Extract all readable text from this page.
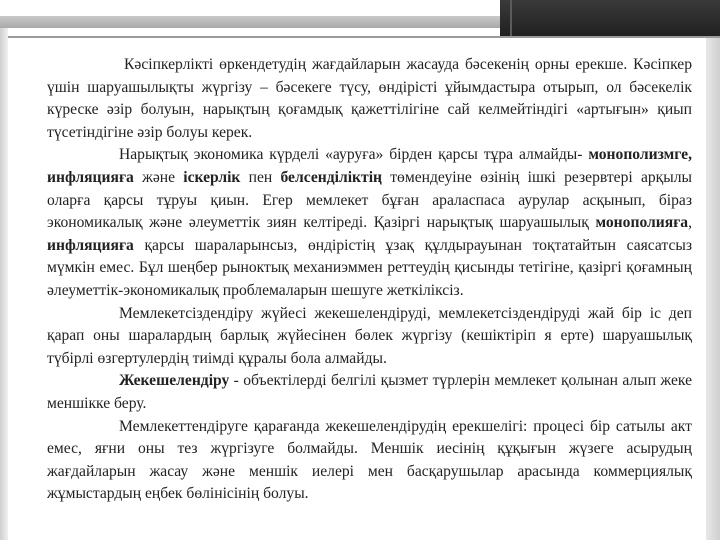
Кәсіпкерлікті өркендетудің жағдайларын жасауда бәсекенің орны ерекше. Кәсіпкер үшін шаруашылықты жүргізу – бәсекеге түсу, өндірісті ұйымдастыра отырып, ол бәсекелік күреске әзір болуын, нарықтың қоғамдық қажеттілігіне сай келмейтіндігі «артығын» қиып түсетіндігіне әзір болуы керек.

Нарықтық экономика күрделі «ауруға» бірден қарсы тұра алмайды- монополизмге, инфляцияға және іскерлік пен белсенділіктің төмендеуіне өзінің ішкі резервтері арқылы оларға қарсы тұруы қиын. Егер мемлекет бұған араласпаса аурулар асқынып, біраз экономикалық және әлеуметтік зиян келтіреді. Қазіргі нарықтық шаруашылық монополияға, инфляцияға қарсы шараларынсыз, өндірістің ұзақ құлдырауынан тоқтатайтын саясатсыз мүмкін емес. Бұл шеңбер рыноктық механиэммен реттеудің қисынды тетігіне, қазіргі қоғамның әлеуметтік-экономикалық проблемаларын шешуге жеткіліксіз.

Мемлекетсіздендіру жүйесі жекешелендіруді, мемлекетсіздендіруді жай бір іс деп қарап оны шаралардың барлық жүйесінен бөлек жүргізу (кешіктіріп я ерте) шаруашылық түбірлі өзгертулердің тиімді құралы бола алмайды.

Жекешелендіру - объектілерді белгілі қызмет түрлерін мемлекет қолынан алып жеке меншікке беру.

Мемлекеттендіруге қарағанда жекешелендірудің ерекшелігі: процесі бір сатылы акт емес, яғни оны тез жүргізуге болмайды. Меншік иесінің құқығын жүзеге асырудың жағдайларын жасау және меншік иелері мен басқарушылар арасында коммерциялық жұмыстардың еңбек бөлінісінің болуы.
